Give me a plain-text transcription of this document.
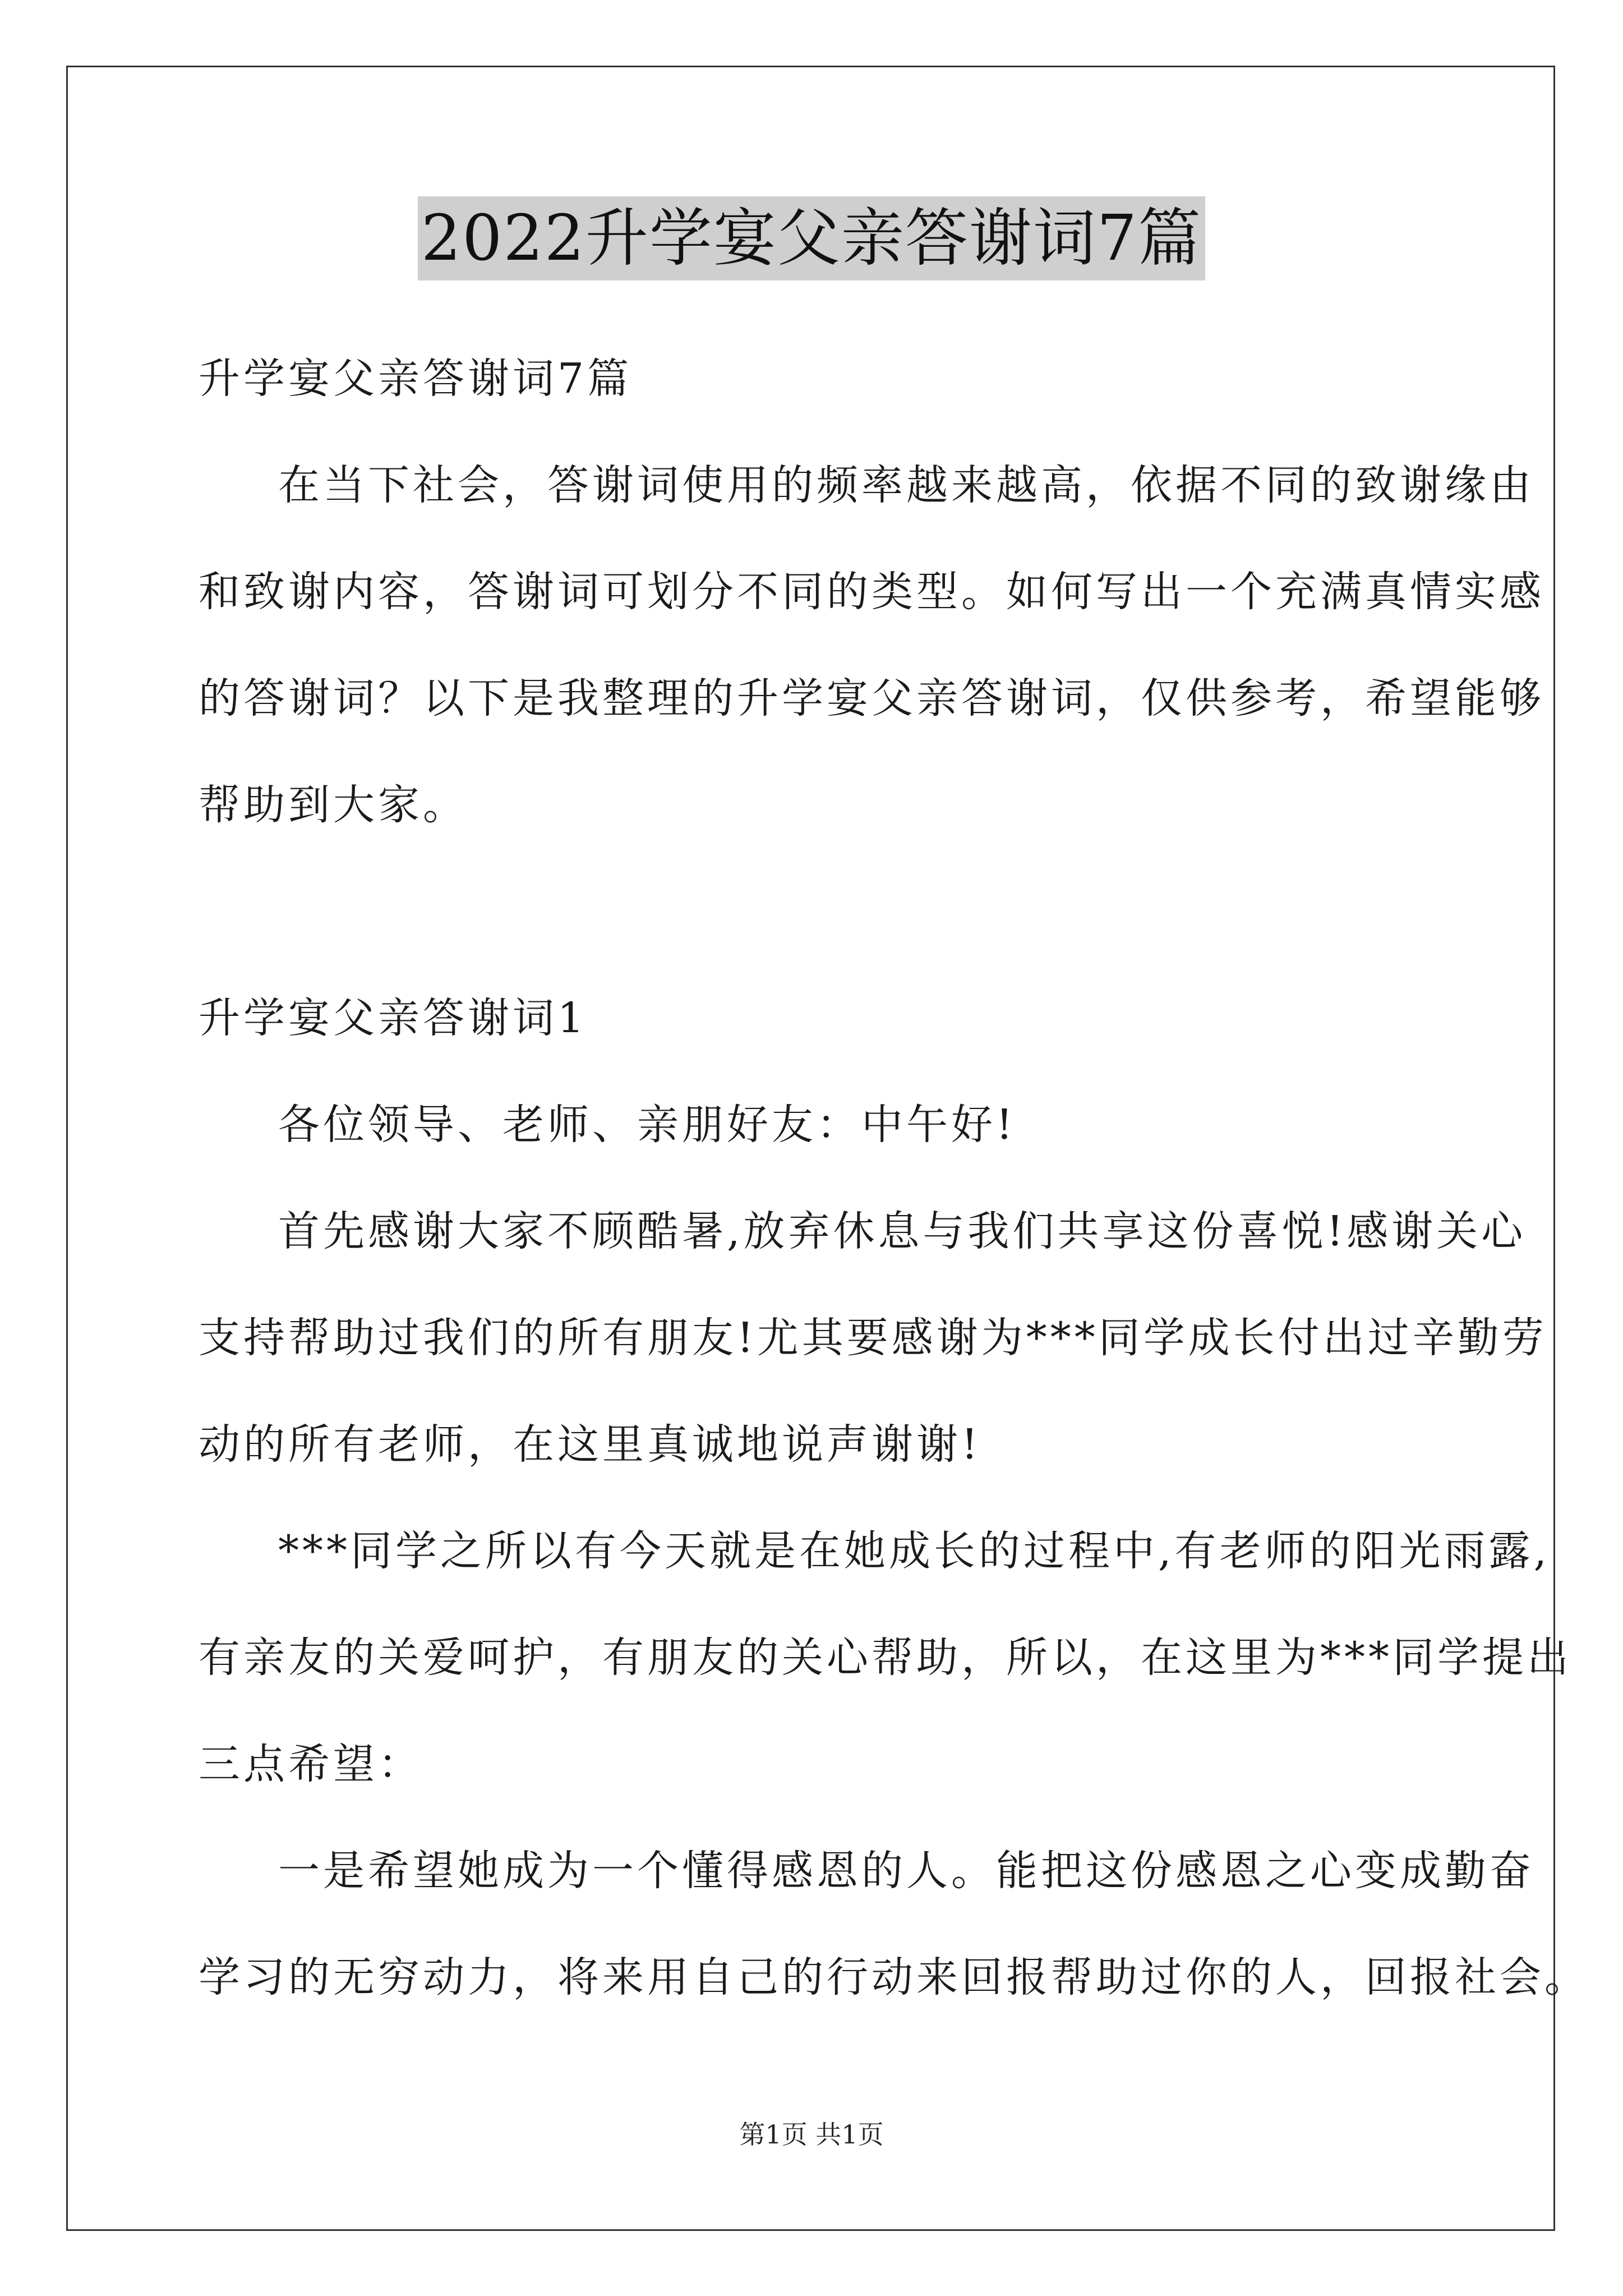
2022升学宴父亲答谢词7篇
升学宴父亲答谢词7篇
在当下社会，答谢词使用的频率越来越高，依据不同的致谢缘由
和致谢内容，答谢词可划分不同的类型。如何写出一个充满真情实感
的答谢词？以下是我整理的升学宴父亲答谢词，仅供参考，希望能够
帮助到大家。
升学宴父亲答谢词1
各位领导、老师、亲朋好友：中午好!
首先感谢大家不顾酷暑,放弃休息与我们共享这份喜悦!感谢关心
支持帮助过我们的所有朋友!尤其要感谢为***同学成长付出过辛勤劳
动的所有老师，在这里真诚地说声谢谢!
***同学之所以有今天就是在她成长的过程中,有老师的阳光雨露,
有亲友的关爱呵护，有朋友的关心帮助，所以，在这里为***同学提出
三点希望：
一是希望她成为一个懂得感恩的人。能把这份感恩之心变成勤奋
学习的无穷动力，将来用自己的行动来回报帮助过你的人，回报社会。
第1页 共1页
